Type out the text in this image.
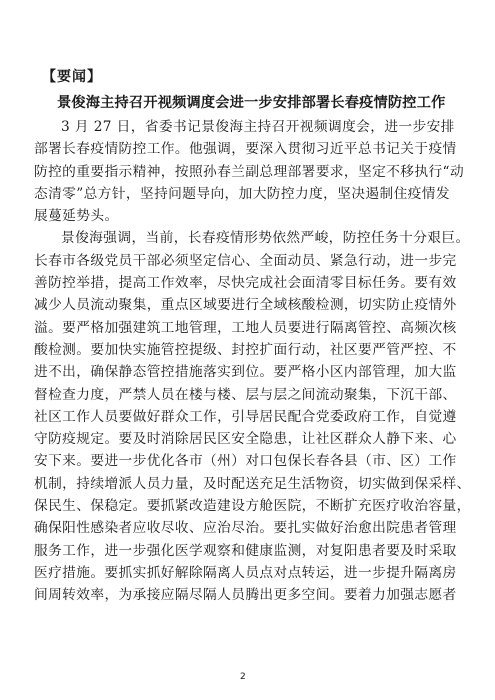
【要闻】
景俊海主持召开视频调度会进一步安排部署长春疫情防控工作
3 月 27 日，省委书记景俊海主持召开视频调度会，进一步安排
部署长春疫情防控工作。他强调，要深入贯彻习近平总书记关于疫情
防控的重要指示精神，按照孙春兰副总理部署要求，坚定不移执行“动
态清零”总方针，坚持问题导向，加大防控力度，坚决遏制住疫情发
展蔓延势头。
景俊海强调，当前，长春疫情形势依然严峻，防控任务十分艰巨。
长春市各级党员干部必须坚定信心、全面动员、紧急行动，进一步完
善防控举措，提高工作效率，尽快完成社会面清零目标任务。要有效
减少人员流动聚集，重点区域要进行全域核酸检测，切实防止疫情外
溢。要严格加强建筑工地管理，工地人员要进行隔离管控、高频次核
酸检测。要加快实施管控提级、封控扩面行动，社区要严管严控、不
进不出，确保静态管控措施落实到位。要严格小区内部管理，加大监
督检查力度，严禁人员在楼与楼、层与层之间流动聚集，下沉干部、
社区工作人员要做好群众工作，引导居民配合党委政府工作，自觉遵
守防疫规定。要及时消除居民区安全隐患，让社区群众人静下来、心
安下来。要进一步优化各市（州）对口包保长春各县（市、区）工作
机制，持续增派人员力量，及时配送充足生活物资，切实做到保采样、
保民生、保稳定。要抓紧改造建设方舱医院，不断扩充医疗收治容量，
确保阳性感染者应收尽收、应治尽治。要扎实做好治愈出院患者管理
服务工作，进一步强化医学观察和健康监测，对复阳患者要及时采取
医疗措施。要抓实抓好解除隔离人员点对点转运，进一步提升隔离房
间周转效率，为承接应隔尽隔人员腾出更多空间。要着力加强志愿者
2
